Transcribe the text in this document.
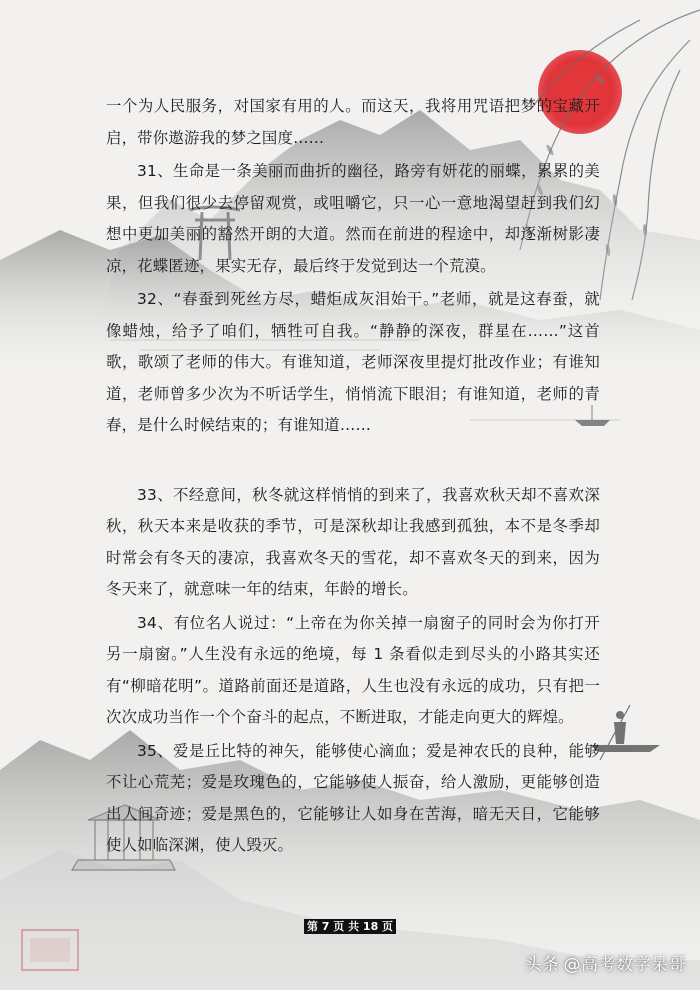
一个为人民服务，对国家有用的人。而这天，我将用咒语把梦的宝藏开启，带你遨游我的梦之国度……

31、生命是一条美丽而曲折的幽径，路旁有妍花的丽蝶，累累的美果，但我们很少去停留观赏，或咀嚼它，只一心一意地渴望赶到我们幻想中更加美丽的豁然开朗的大道。然而在前进的程途中，却逐渐树影凄凉，花蝶匿迹，果实无存，最后终于发觉到达一个荒漠。

32、“春蚕到死丝方尽，蜡炬成灰泪始干。”老师，就是这春蚕，就像蜡烛，给予了咱们，牺牲可自我。“静静的深夜，群星在……”这首歌，歌颂了老师的伟大。有谁知道，老师深夜里提灯批改作业；有谁知道，老师曾多少次为不听话学生，悄悄流下眼泪；有谁知道，老师的青春，是什么时候结束的；有谁知道……

33、不经意间，秋冬就这样悄悄的到来了，我喜欢秋天却不喜欢深秋，秋天本来是收获的季节，可是深秋却让我感到孤独，本不是冬季却时常会有冬天的凄凉，我喜欢冬天的雪花，却不喜欢冬天的到来，因为冬天来了，就意味一年的结束，年龄的增长。

34、有位名人说过：“上帝在为你关掉一扇窗子的同时会为你打开另一扇窗。”人生没有永远的绝境，每 1 条看似走到尽头的小路其实还有“柳暗花明”。道路前面还是道路，人生也没有永远的成功，只有把一次次成功当作一个个奋斗的起点，不断进取，才能走向更大的辉煌。

35、爱是丘比特的神矢，能够使心滴血；爱是神农氏的良种，能够不让心荒芜；爱是玫瑰色的，它能够使人振奋，给人激励，更能够创造出人间奇迹；爱是黑色的，它能够让人如身在苦海，暗无天日，它能够使人如临深渊，使人毁灭。

第 7 页 共 18 页
头条 @高考数学呆哥
